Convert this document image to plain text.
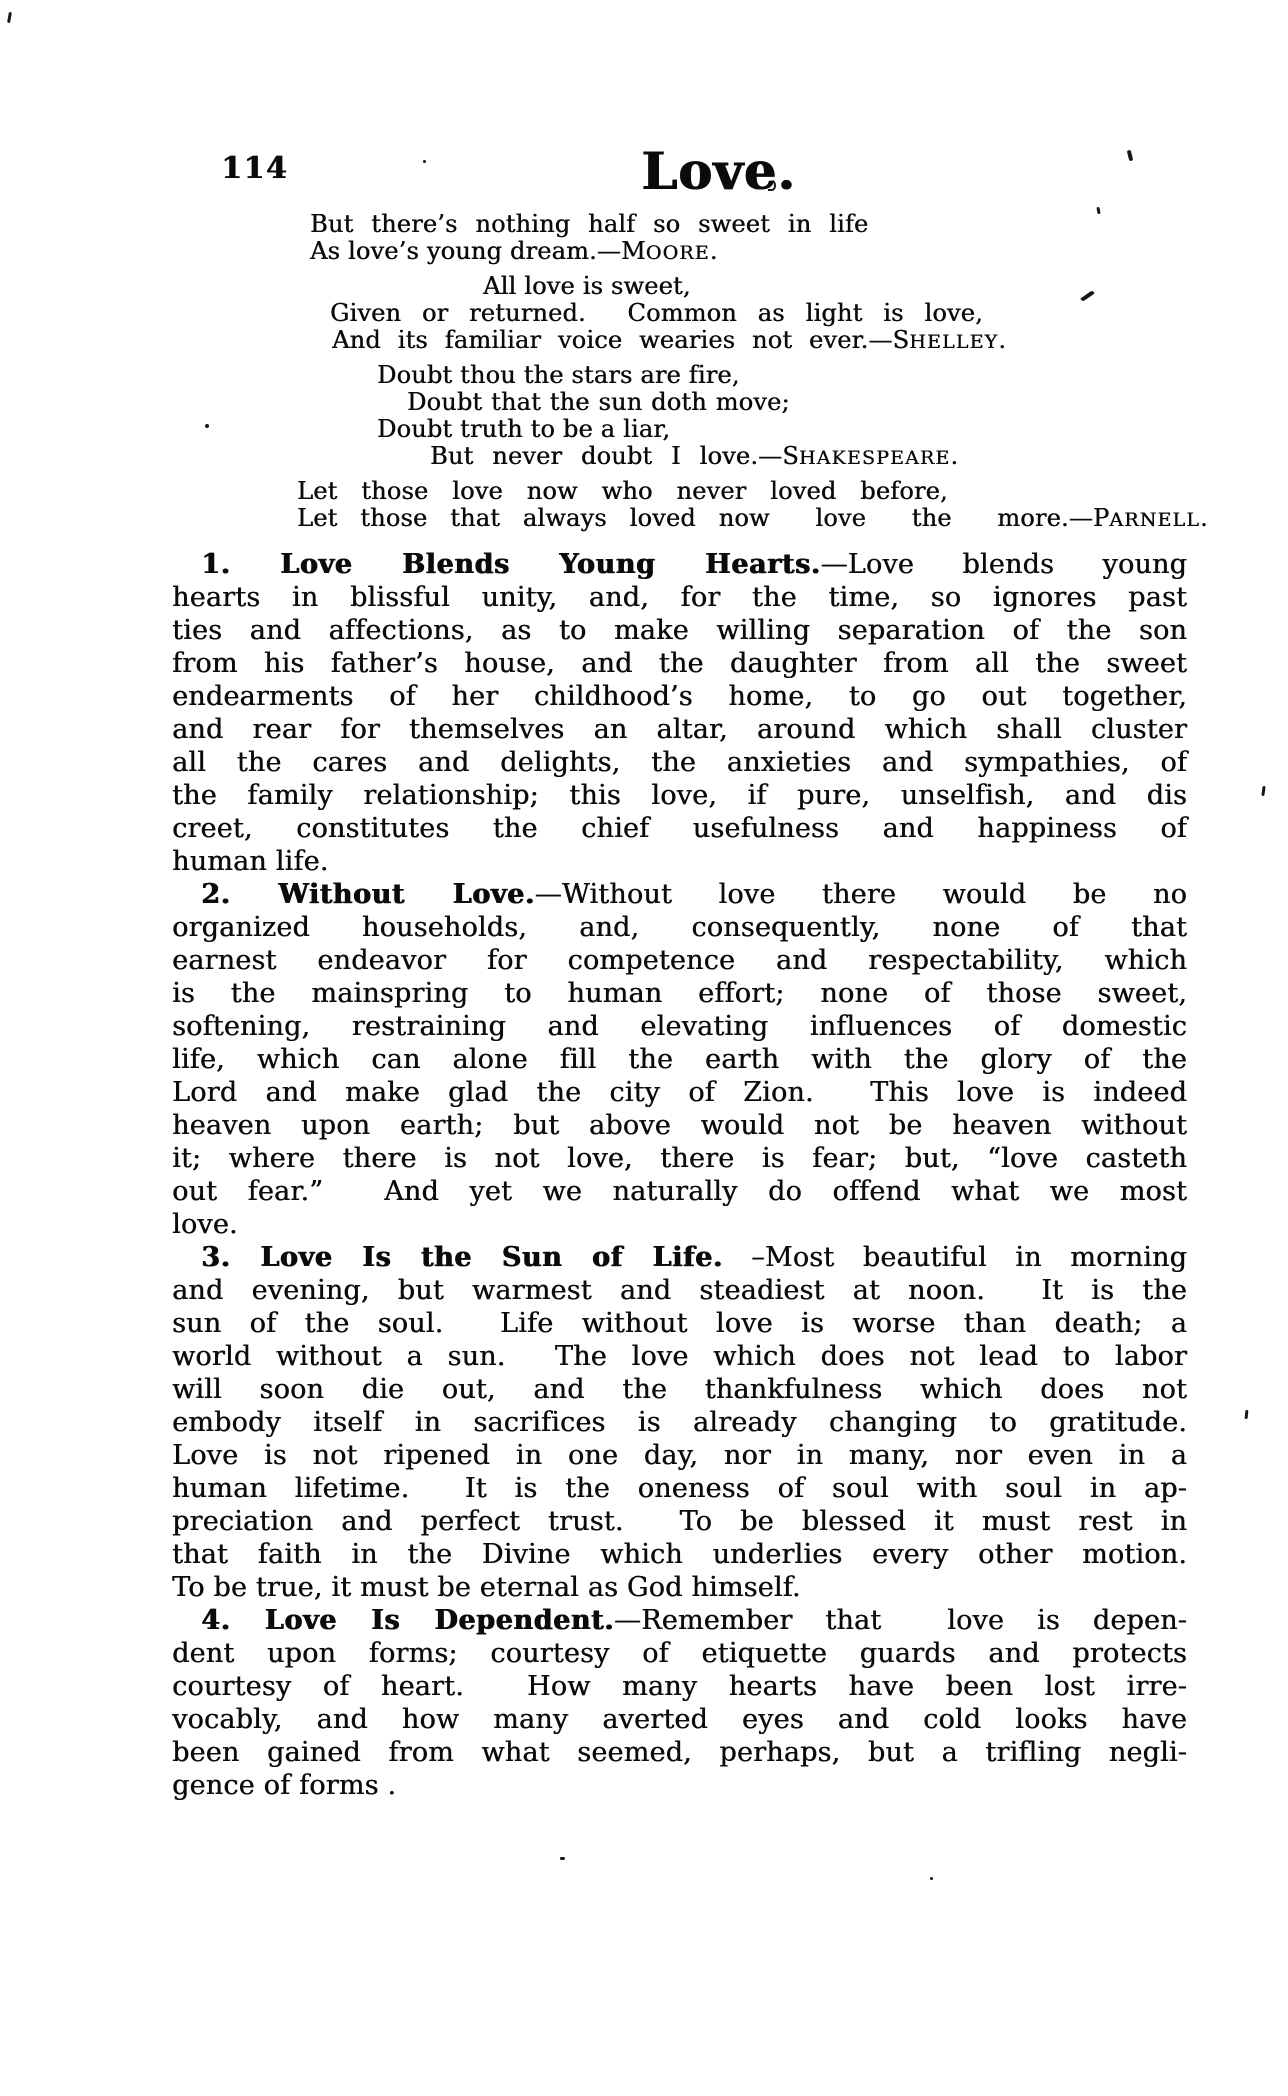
114	Love.
But there’s nothing half so sweet in life
As love’s young dream.—MOORE.
All love is sweet,
Given or returned.  Common as light is love,
And its familiar voice wearies not ever.—SHELLEY.
Doubt thou the stars are fire,
Doubt that the sun doth move;
Doubt truth to be a liar,
But never doubt I love.—SHAKESPEARE.
Let those love now who never loved before,
Let those that always loved now  love  the  more.—PARNELL.
1. Love Blends Young Hearts.—Love blends young
hearts in blissful unity, and, for the time, so ignores past
ties and affections, as to make willing separation of the son
from his father’s house, and the daughter from all the sweet
endearments of her childhood’s home, to go out together,
and rear for themselves an altar, around which shall cluster
all the cares and delights, the anxieties and sympathies, of
the family relationship; this love, if pure, unselfish, and dis
creet, constitutes the chief usefulness and happiness of
human life.
2. Without Love.—Without love there would be no
organized households, and, consequently, none of that
earnest endeavor for competence and respectability, which
is the mainspring to human effort; none of those sweet,
softening, restraining and elevating influences of domestic
life, which can alone fill the earth with the glory of the
Lord and make glad the city of Zion.  This love is indeed
heaven upon earth; but above would not be heaven without
it; where there is not love, there is fear; but, “love casteth
out fear.”  And yet we naturally do offend what we most
love.
3. Love Is the Sun of Life. –Most beautiful in morning
and evening, but warmest and steadiest at noon.  It is the
sun of the soul.  Life without love is worse than death; a
world without a sun.  The love which does not lead to labor
will soon die out, and the thankfulness which does not
embody itself in sacrifices is already changing to gratitude.
Love is not ripened in one day, nor in many, nor even in a
human lifetime.  It is the oneness of soul with soul in ap-
preciation and perfect trust.  To be blessed it must rest in
that faith in the Divine which underlies every other motion.
To be true, it must be eternal as God himself.
4. Love Is Dependent.—Remember that  love is depen-
dent upon forms; courtesy of etiquette guards and protects
courtesy of heart.  How many hearts have been lost irre-
vocably, and how many averted eyes and cold looks have
been gained from what seemed, perhaps, but a trifling negli-
gence of forms .
